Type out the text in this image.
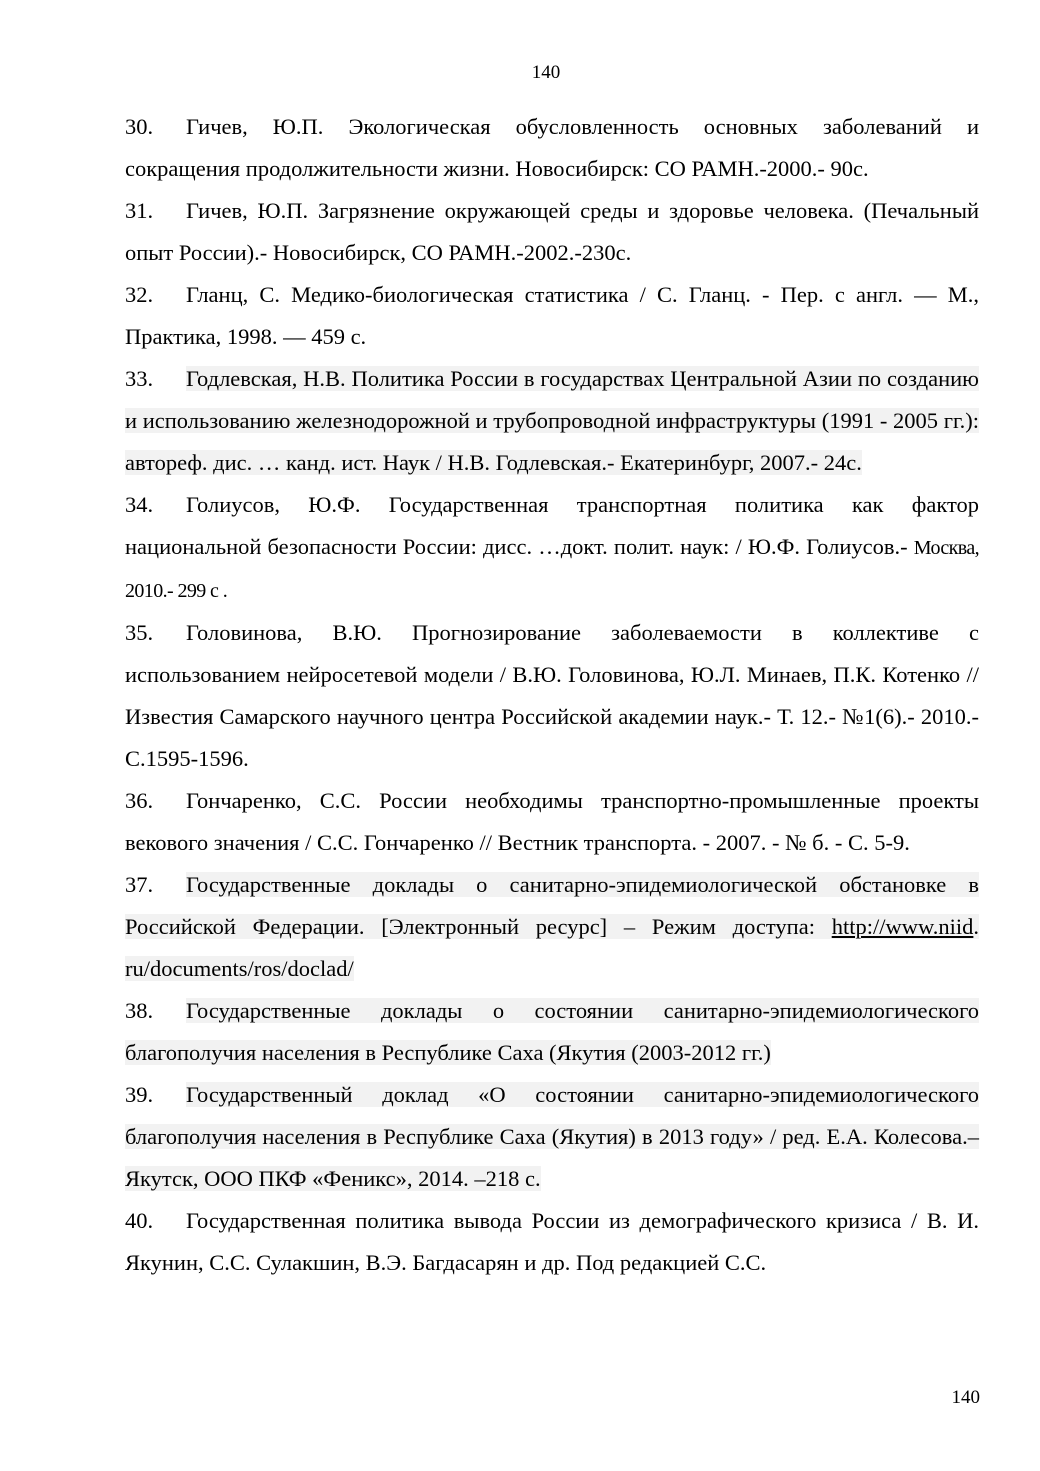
140
30. Гичев, Ю.П. Экологическая обусловленность основных заболеваний и сокращения продолжительности жизни. Новосибирск: СО РАМН.-2000.- 90с.
31. Гичев, Ю.П. Загрязнение окружающей среды и здоровье человека. (Печальный опыт России).- Новосибирск, СО РАМН.-2002.-230с.
32. Гланц, С. Медико-биологическая статистика / С. Гланц. - Пер. с англ. — М., Практика, 1998. — 459 с.
33. Годлевская, Н.В. Политика России в государствах Центральной Азии по созданию и использованию железнодорожной и трубопроводной инфраструктуры (1991 - 2005 гг.): автореф. дис. … канд. ист. Наук / Н.В. Годлевская.- Екатеринбург, 2007.- 24с.
34. Голиусов, Ю.Ф. Государственная транспортная политика как фактор национальной безопасности России: дисс. …докт. полит. наук: / Ю.Ф. Голиусов.- Москва, 2010.- 299 с .
35. Головинова, В.Ю. Прогнозирование заболеваемости в коллективе с использованием нейросетевой модели / В.Ю. Головинова, Ю.Л. Минаев, П.К. Котенко // Известия Самарского научного центра Российской академии наук.- Т. 12.- №1(6).- 2010.- С.1595-1596.
36. Гончаренко, С.С. России необходимы транспортно-промышленные проекты векового значения / С.С. Гончаренко // Вестник транспорта. - 2007. - № б. - С. 5-9.
37. Государственные доклады о санитарно-эпидемиологической обстановке в Российской Федерации. [Электронный ресурс] – Режим доступа: http://www.niid. ru/documents/ros/doclad/
38. Государственные доклады о состоянии санитарно-эпидемиологического благополучия населения в Республике Саха (Якутия (2003-2012 гг.)
39. Государственный доклад «О состоянии санитарно-эпидемиологического благополучия населения в Республике Саха (Якутия) в 2013 году» / ред. Е.А. Колесова.– Якутск, ООО ПКФ «Феникс», 2014. –218 с.
40. Государственная политика вывода России из демографического кризиса / В. И. Якунин, С.С. Сулакшин, В.Э. Багдасарян и др. Под редакцией С.С.
140
